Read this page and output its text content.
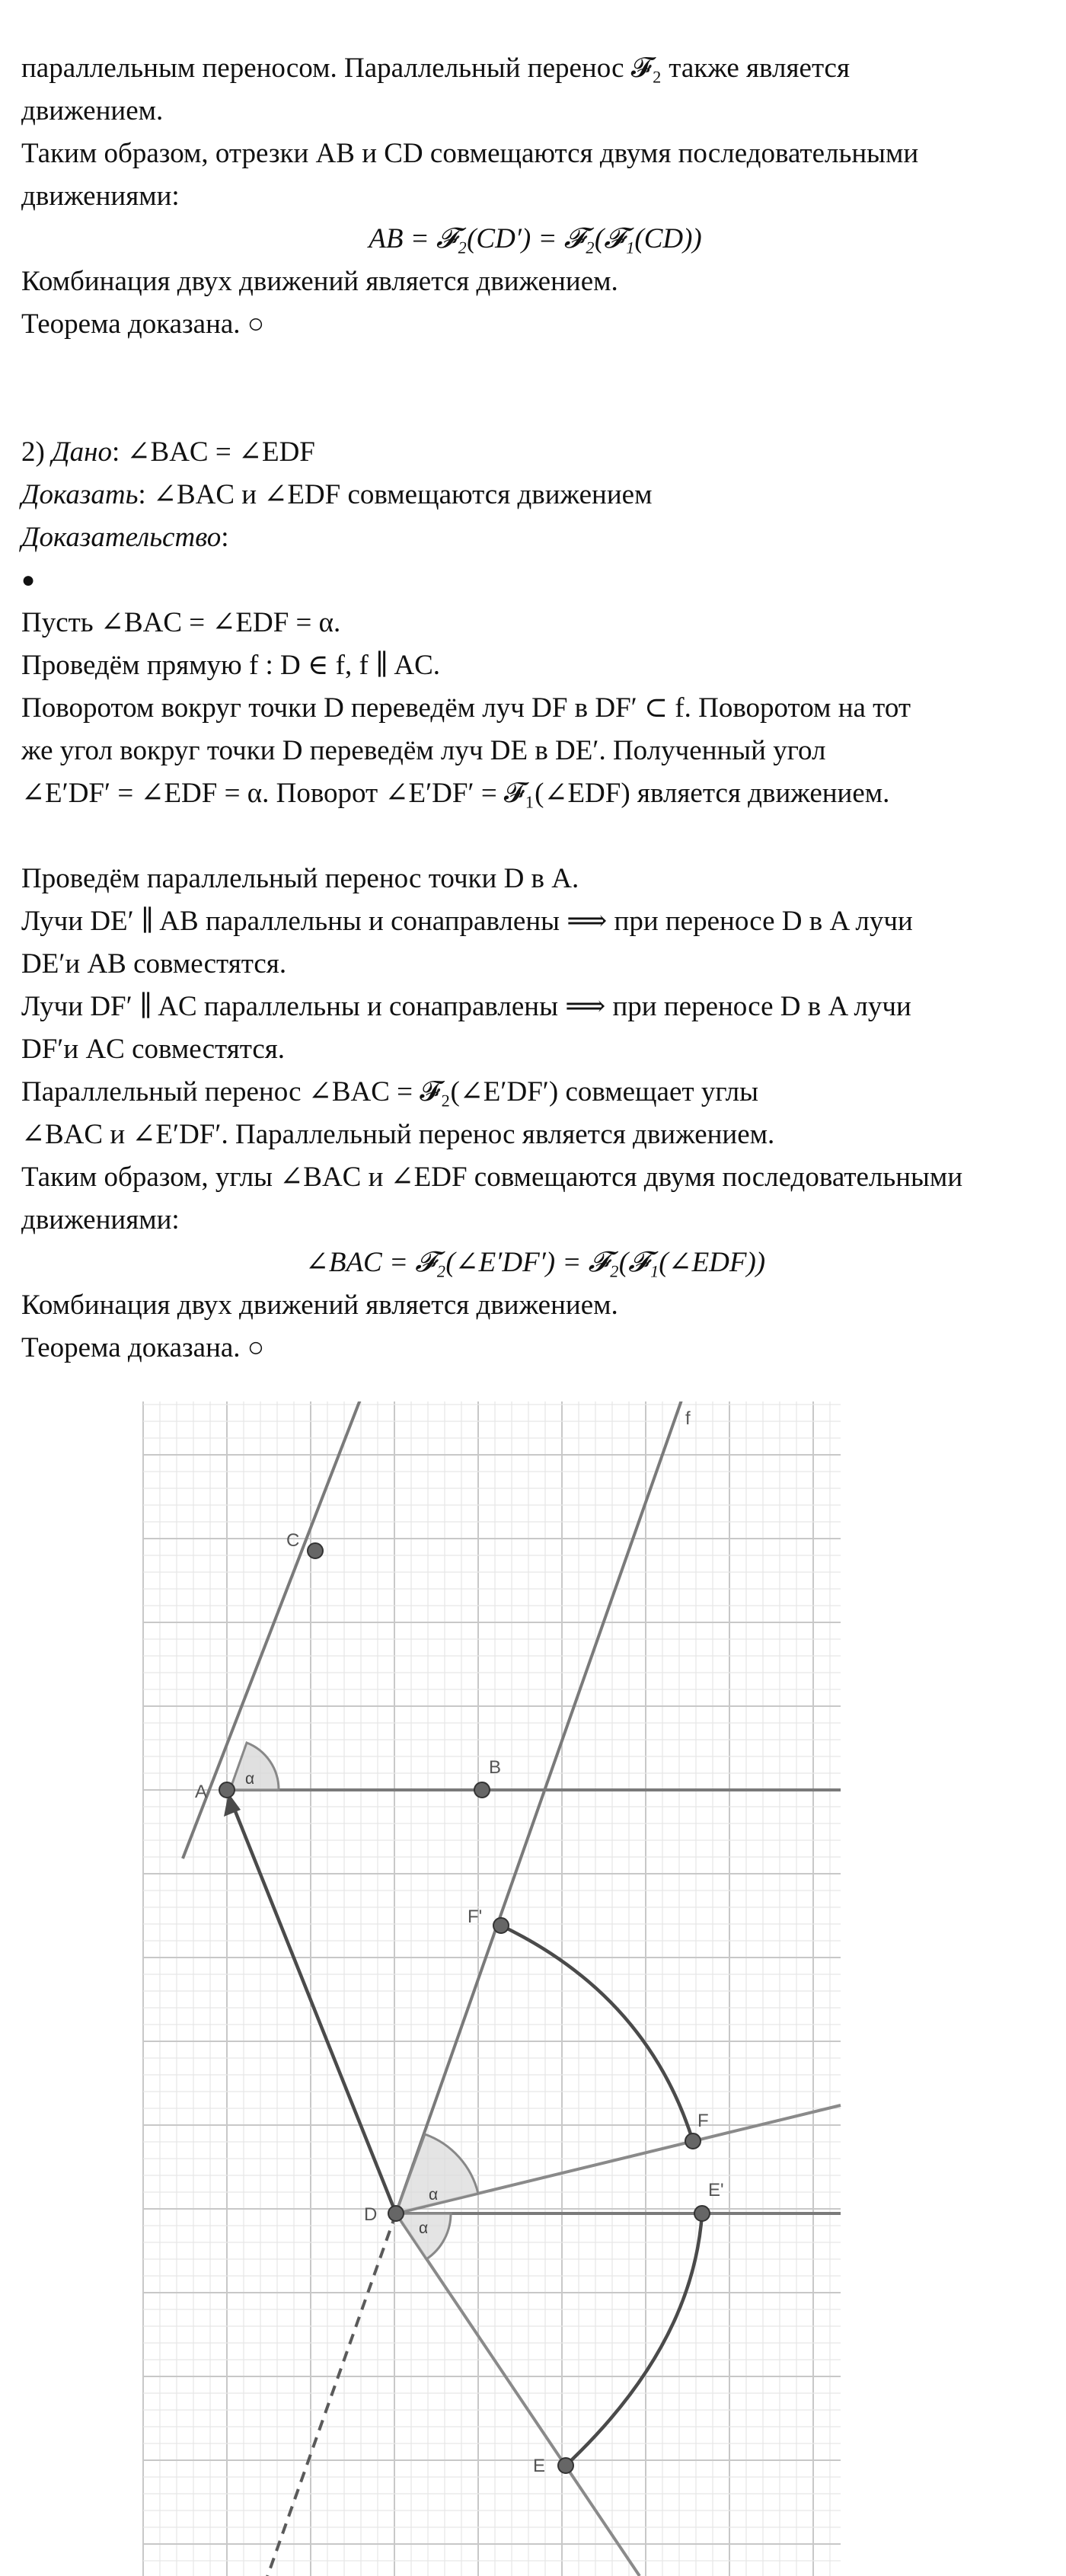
параллельным переносом. Параллельный перенос 𝓕₂ также является

движением.

Таким образом, отрезки AB и CD совмещаются двумя последовательными

движениями:

AB = 𝓕₂(CD′) = 𝓕₂(𝓕₁(CD))

Комбинация двух движений является движением.

Теорема доказана. ○

2) Дано: ∠BAC = ∠EDF

Доказать: ∠BAC и ∠EDF совмещаются движением

Доказательство:

●

Пусть ∠BAC = ∠EDF = α.

Проведём прямую f : D ∈ f, f ∥ AC.

Поворотом вокруг точки D переведём луч DF в DF′ ⊂ f. Поворотом на тот

же угол вокруг точки D переведём луч DE в DE′. Полученный угол

∠E′DF′ = ∠EDF = α. Поворот ∠E′DF′ = 𝓕₁(∠EDF) является движением.

Проведём параллельный перенос точки D в A.

Лучи DE′ ∥ AB параллельны и сонаправлены ⟹ при переносе D в A лучи

DE′и AB совместятся.

Лучи DF′ ∥ AC параллельны и сонаправлены ⟹ при переносе D в A лучи

DF′и AC совместятся.

Параллельный перенос ∠BAC = 𝓕₂(∠E′DF′) совмещает углы

∠BAC и ∠E′DF′. Параллельный перенос является движением.

Таким образом, углы ∠BAC и ∠EDF совмещаются двумя последовательными

движениями:

∠BAC = 𝓕₂(∠E′DF′) = 𝓕₂(𝓕₁(∠EDF))

Комбинация двух движений является движением.

Теорема доказана. ○

α
α
α
C
A
B
F'
F
D
E'
E
f
